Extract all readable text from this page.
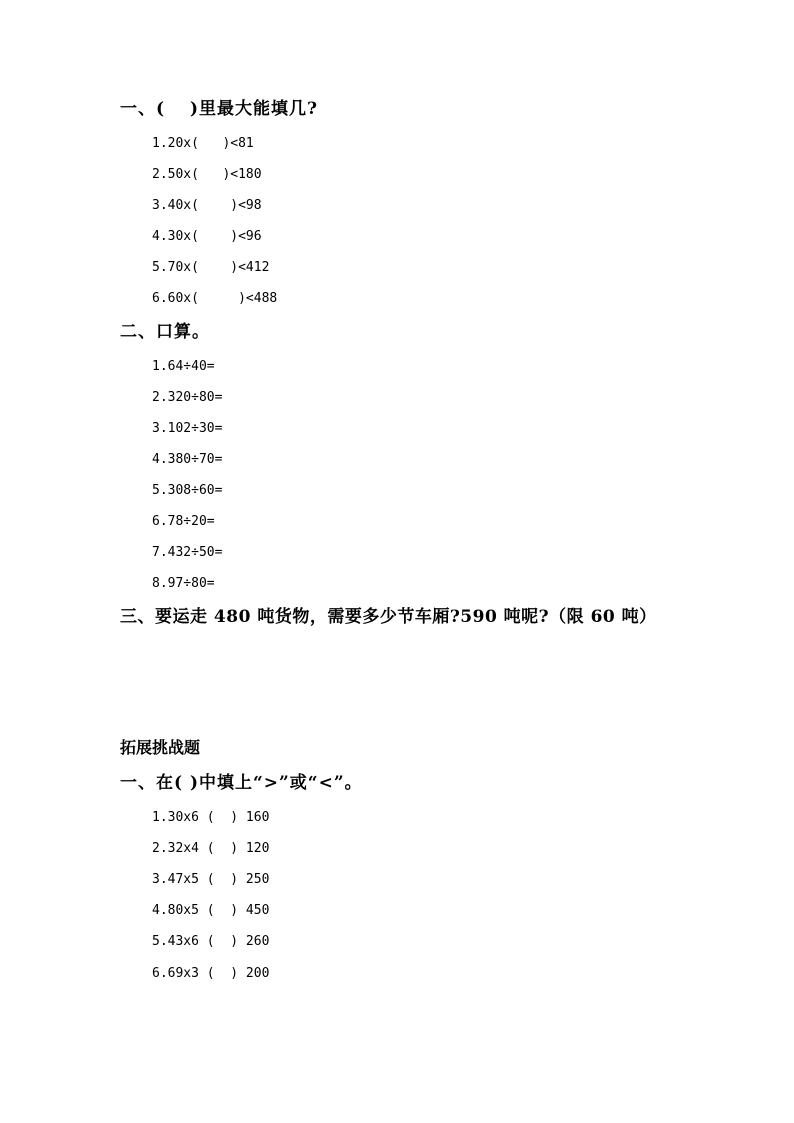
一、(　 )里最大能填几?
1.20x(   )<81
2.50x(   )<180
3.40x(    )<98
4.30x(    )<96
5.70x(    )<412
6.60x(     )<488
二、口算。
1.64÷40=
2.320÷80=
3.102÷30=
4.380÷70=
5.308÷60=
6.78÷20=
7.432÷50=
8.97÷80=
三、要运走 480 吨货物，需要多少节车厢?590 吨呢?（限 60 吨）
拓展挑战题
一、在( )中填上“>”或“<”。
1.30x6 (  ) 160
2.32x4 (  ) 120
3.47x5 (  ) 250
4.80x5 (  ) 450
5.43x6 (  ) 260
6.69x3 (  ) 200
